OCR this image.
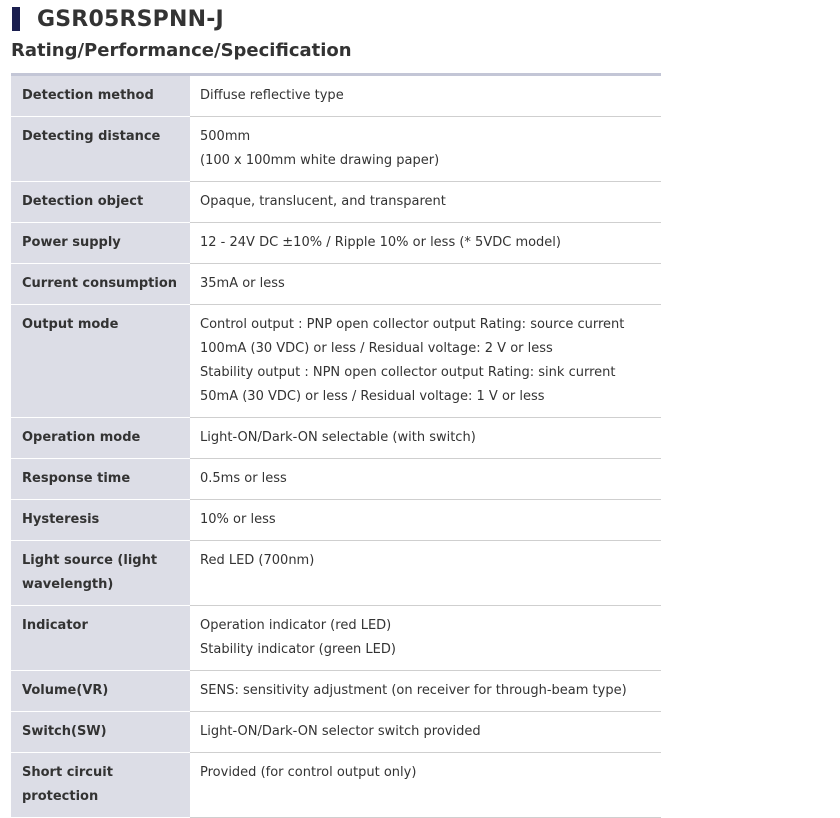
GSR05RSPNN-J
Rating/Performance/Specification
Detection method	Diffuse reflective type

Detecting distance	500mm
(100 x 100mm white drawing paper)

Detection object	Opaque, translucent, and transparent

Power supply	12 - 24V DC ±10% / Ripple 10% or less (* 5VDC model)

Current consumption	35mA or less

Output mode	Control output : PNP open collector output Rating: source current 100mA (30 VDC) or less / Residual voltage: 2 V or less
Stability output : NPN open collector output Rating: sink current 50mA (30 VDC) or less / Residual voltage: 1 V or less

Operation mode	Light-ON/Dark-ON selectable (with switch)

Response time	0.5ms or less

Hysteresis	10% or less

Light source (light wavelength)	Red LED (700nm)

Indicator	Operation indicator (red LED)
Stability indicator (green LED)

Volume(VR)	SENS: sensitivity adjustment (on receiver for through-beam type)

Switch(SW)	Light-ON/Dark-ON selector switch provided

Short circuit protection	Provided (for control output only)
